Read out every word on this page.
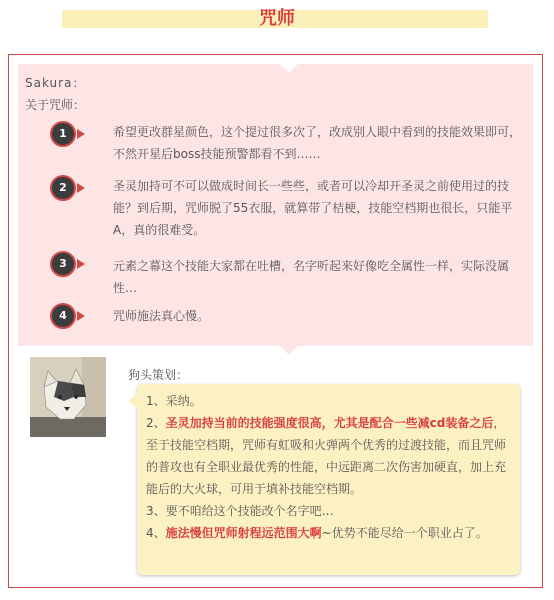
咒师
Sakura：
关于咒师：
1	希望更改群星颜色，这个提过很多次了，改成别人眼中看到的技能效果即可，不然开星后boss技能预警都看不到……
2	圣灵加持可不可以做成时间长一些些，或者可以冷却开圣灵之前使用过的技能？到后期，咒师脱了55衣服，就算带了桔梗，技能空档期也很长，只能平A，真的很难受。
3	元素之幕这个技能大家都在吐槽，名字听起来好像吃全属性一样，实际没属性…
4	咒师施法真心慢。
狗头策划：

1、采纳。

2、圣灵加持当前的技能强度很高，尤其是配合一些减cd装备之后，至于技能空档期，咒师有虹吸和火弹两个优秀的过渡技能，而且咒师的普攻也有全职业最优秀的性能，中远距离二次伤害加硬直，加上充能后的大火球，可用于填补技能空档期。

3、要不咱给这个技能改个名字吧…

4、施法慢但咒师射程远范围大啊~优势不能尽给一个职业占了。
